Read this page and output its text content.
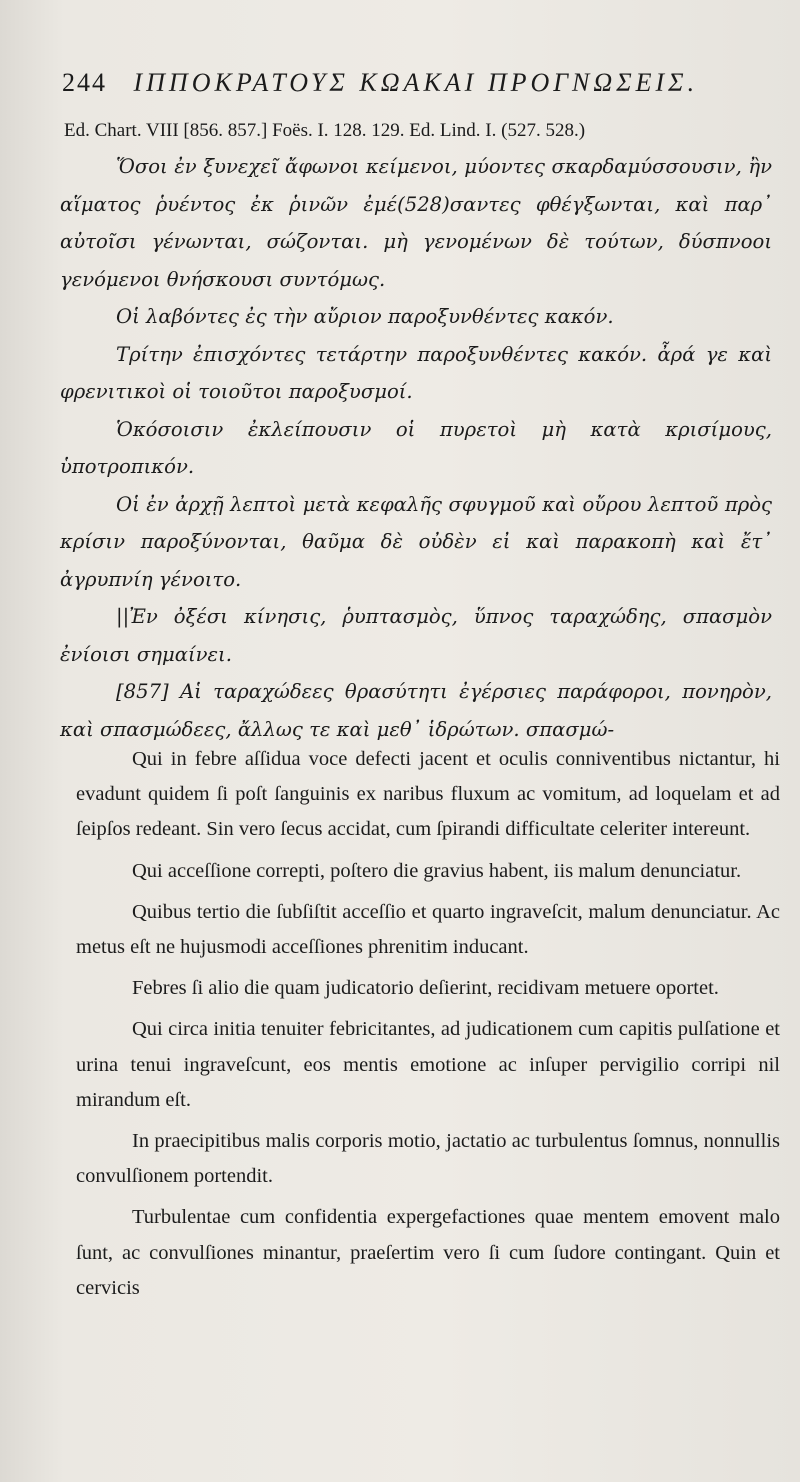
244 ΙΠΠΟΚΡΑΤΟΥΣ ΚΩΑΚΑΙ ΠΡΟΓΝΩΣΕΙΣ.
Ed. Chart. VIII [856. 857.] Foës. I. 128. 129. Ed. Lind. I. (527. 528.)

Ὅσοι ἐν ξυνεχεῖ ἄφωνοι κείμενοι, μύοντες σκαρδαμύσσουσιν, ἢν αἵματος ῥυέντος ἐκ ῥινῶν ἐμέ(528)σαντες φθέγξωνται, καὶ παρ᾽ αὐτοῖσι γένωνται, σώζονται. μὴ γενομένων δὲ τούτων, δύσπνοοι γενόμενοι θνήσκουσι συντόμως.

Οἱ λαβόντες ἐς τὴν αὔριον παροξυνθέντες κακόν.

Τρίτην ἐπισχόντες τετάρτην παροξυνθέντες κακόν. ἆρά γε καὶ φρενιτικοὶ οἱ τοιοῦτοι παροξυσμοί.

Ὁκόσοισιν ἐκλείπουσιν οἱ πυρετοὶ μὴ κατὰ κρισίμους, ὑποτροπικόν.

Οἱ ἐν ἀρχῇ λεπτοὶ μετὰ κεφαλῆς σφυγμοῦ καὶ οὔρου λεπτοῦ πρὸς κρίσιν παροξύνονται, θαῦμα δὲ οὐδὲν εἰ καὶ παρακοπὴ καὶ ἔτ᾽ ἀγρυπνίη γένοιτο.

||Ἐν ὀξέσι κίνησις, ῥυπτασμὸς, ὕπνος ταραχώδης, σπασμὸν ἐνίοισι σημαίνει.

[857] Αἱ ταραχώδεες θρασύτητι ἐγέρσιες παράφοροι, πονηρὸν, καὶ σπασμώδεες, ἄλλως τε καὶ μεθ᾽ ἱδρώτων. σπασμώ-

Qui in febre aſſidua voce defecti jacent et oculis conniventibus nictantur, hi evadunt quidem ſi poſt ſanguinis ex naribus fluxum ac vomitum, ad loquelam et ad ſeipſos redeant. Sin vero ſecus accidat, cum ſpirandi difficultate celeriter intereunt.

Qui acceſſione correpti, poſtero die gravius habent, iis malum denunciatur.

Quibus tertio die ſubſiſtit acceſſio et quarto ingraveſcit, malum denunciatur. Ac metus eſt ne hujusmodi acceſſiones phrenitim inducant.

Febres ſi alio die quam judicatorio deſierint, recidivam metuere oportet.

Qui circa initia tenuiter febricitantes, ad judicationem cum capitis pulſatione et urina tenui ingraveſcunt, eos mentis emotione ac inſuper pervigilio corripi nil mirandum eſt.

In praecipitibus malis corporis motio, jactatio ac turbulentus ſomnus, nonnullis convulſionem portendit.

Turbulentae cum confidentia expergefactiones quae mentem emovent malo ſunt, ac convulſiones minantur, praeſertim vero ſi cum ſudore contingant. Quin et cervicis
